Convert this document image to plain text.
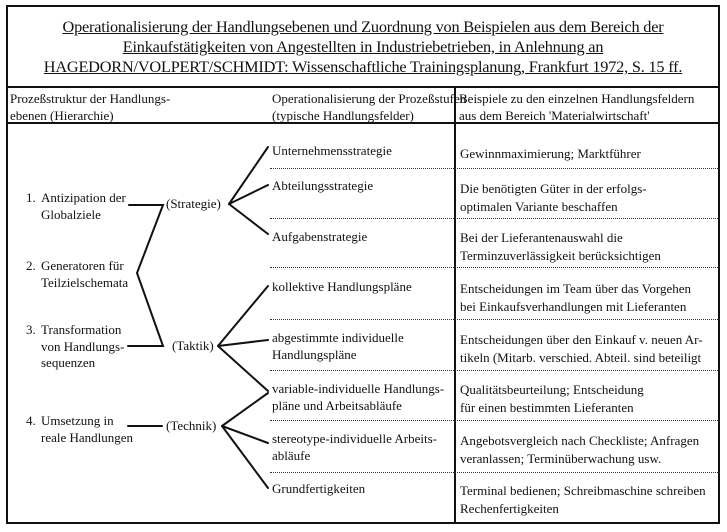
Operationalisierung der Handlungsebenen und Zuordnung von Beispielen aus dem Bereich der
Einkaufstätigkeiten von Angestellten in Industriebetrieben, in Anlehnung an
HAGEDORN/VOLPERT/SCHMIDT: Wissenschaftliche Trainingsplanung, Frankfurt 1972, S. 15 ff.
Prozeßstruktur der Handlungs-
ebenen (Hierarchie)
Operationalisierung der Prozeßstufen
(typische Handlungsfelder)
Beispiele zu den einzelnen Handlungsfeldern
aus dem Bereich 'Materialwirtschaft'
1. Antizipation der
Globalziele
2. Generatoren für
Teilzielschemata
3. Transformation
von Handlungs-
sequenzen
4. Umsetzung in
reale Handlungen
(Strategie)
(Taktik)
(Technik)
Unternehmensstrategie
Abteilungsstrategie
Aufgabenstrategie
kollektive Handlungspläne
abgestimmte individuelle
Handlungspläne
variable-individuelle Handlungs-
pläne und Arbeitsabläufe
stereotype-individuelle Arbeits-
abläufe
Grundfertigkeiten
Gewinnmaximierung; Marktführer
Die benötigten Güter in der erfolgs-
optimalen Variante beschaffen
Bei der Lieferantenauswahl die
Terminzuverlässigkeit berücksichtigen
Entscheidungen im Team über das Vorgehen
bei Einkaufsverhandlungen mit Lieferanten
Entscheidungen über den Einkauf v. neuen Ar-
tikeln (Mitarb. verschied. Abteil. sind beteiligt
Qualitätsbeurteilung; Entscheidung
für einen bestimmten Lieferanten
Angebotsvergleich nach Checkliste; Anfragen
veranlassen; Terminüberwachung usw.
Terminal bedienen; Schreibmaschine schreiben
Rechenfertigkeiten
